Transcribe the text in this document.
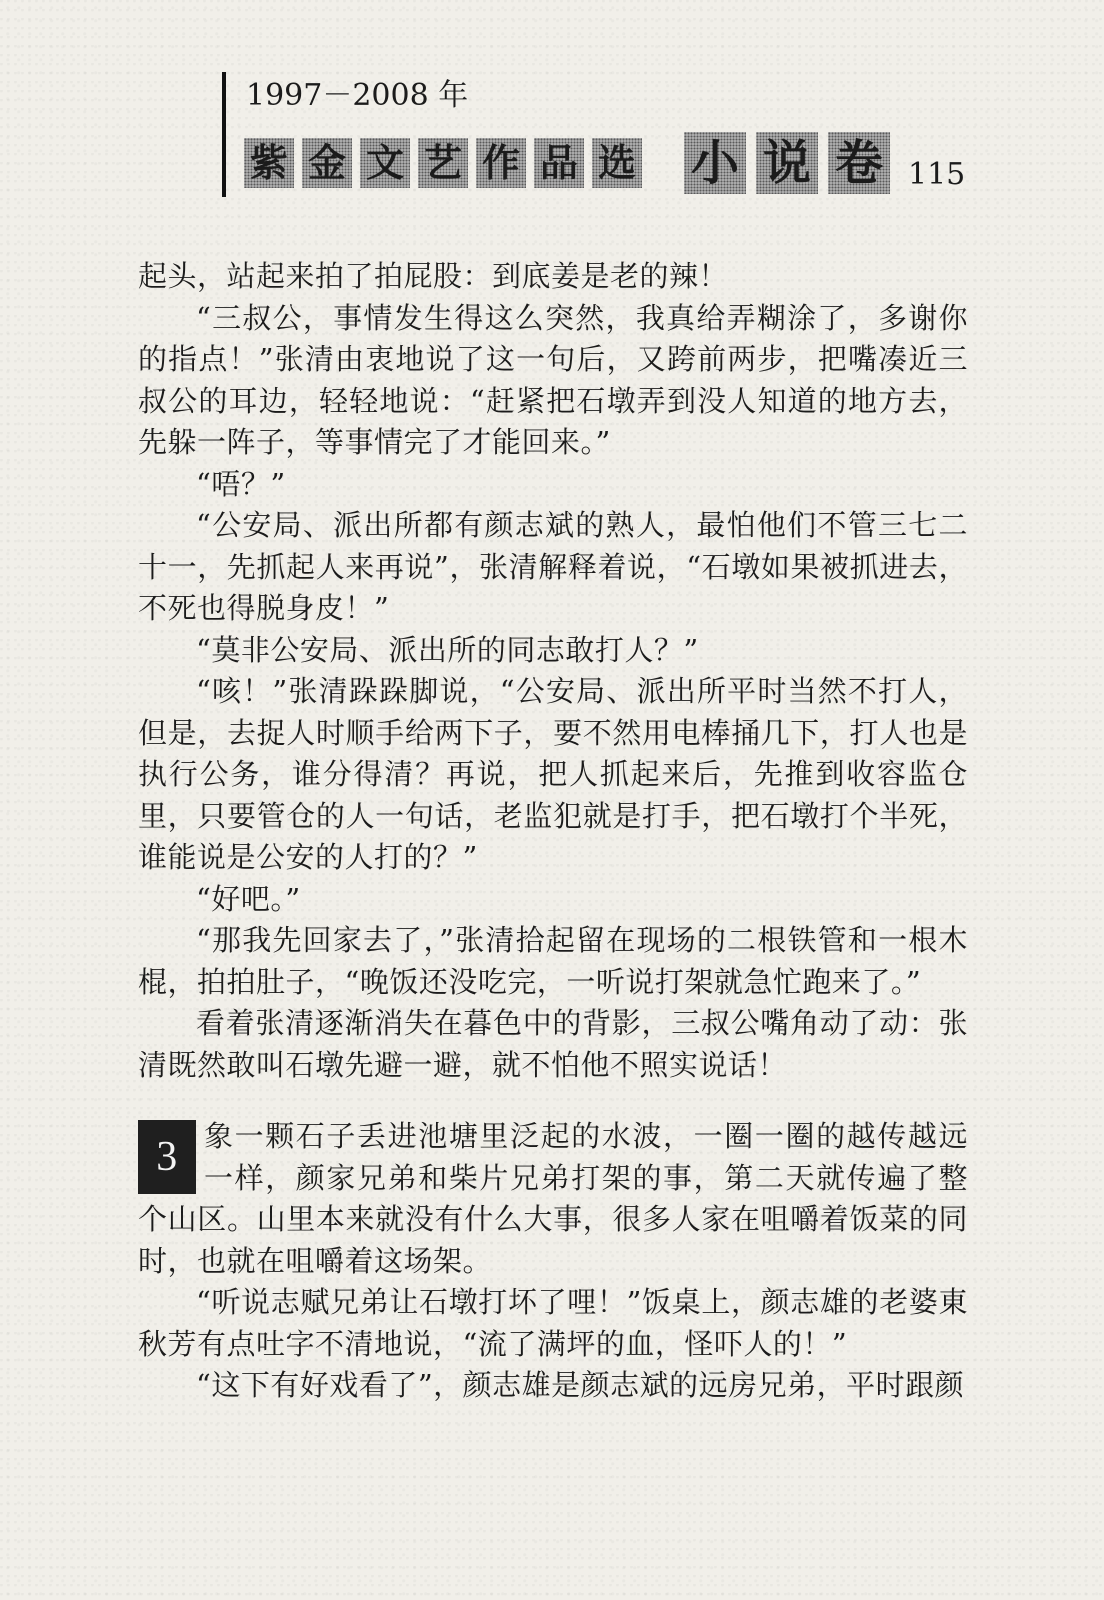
1997－2008 年
紫 金 文 艺 作 品 选 小 说 卷 115

起头，站起来拍了拍屁股：到底姜是老的辣！

“三叔公，事情发生得这么突然，我真给弄糊涂了，多谢你的指点！”张清由衷地说了这一句后，又跨前两步，把嘴凑近三叔公的耳边，轻轻地说：“赶紧把石墩弄到没人知道的地方去，先躲一阵子，等事情完了才能回来。”

“唔？”

“公安局、派出所都有颜志斌的熟人，最怕他们不管三七二十一，先抓起人来再说”，张清解释着说，“石墩如果被抓进去，不死也得脱身皮！”

“莫非公安局、派出所的同志敢打人？”

“咳！”张清跺跺脚说，“公安局、派出所平时当然不打人，但是，去捉人时顺手给两下子，要不然用电棒捅几下，打人也是执行公务，谁分得清？再说，把人抓起来后，先推到收容监仓里，只要管仓的人一句话，老监犯就是打手，把石墩打个半死，谁能说是公安的人打的？”

“好吧。”

“那我先回家去了，”张清拾起留在现场的二根铁管和一根木棍，拍拍肚子，“晚饭还没吃完，一听说打架就急忙跑来了。”

看着张清逐渐消失在暮色中的背影，三叔公嘴角动了动：张清既然敢叫石墩先避一避，就不怕他不照实说话！

3 象一颗石子丢进池塘里泛起的水波，一圈一圈的越传越远一样，颜家兄弟和柴片兄弟打架的事，第二天就传遍了整个山区。山里本来就没有什么大事，很多人家在咀嚼着饭菜的同时，也就在咀嚼着这场架。

“听说志赋兄弟让石墩打坏了哩！”饭桌上，颜志雄的老婆東秋芳有点吐字不清地说，“流了满坪的血，怪吓人的！”

“这下有好戏看了”，颜志雄是颜志斌的远房兄弟，平时跟颜
